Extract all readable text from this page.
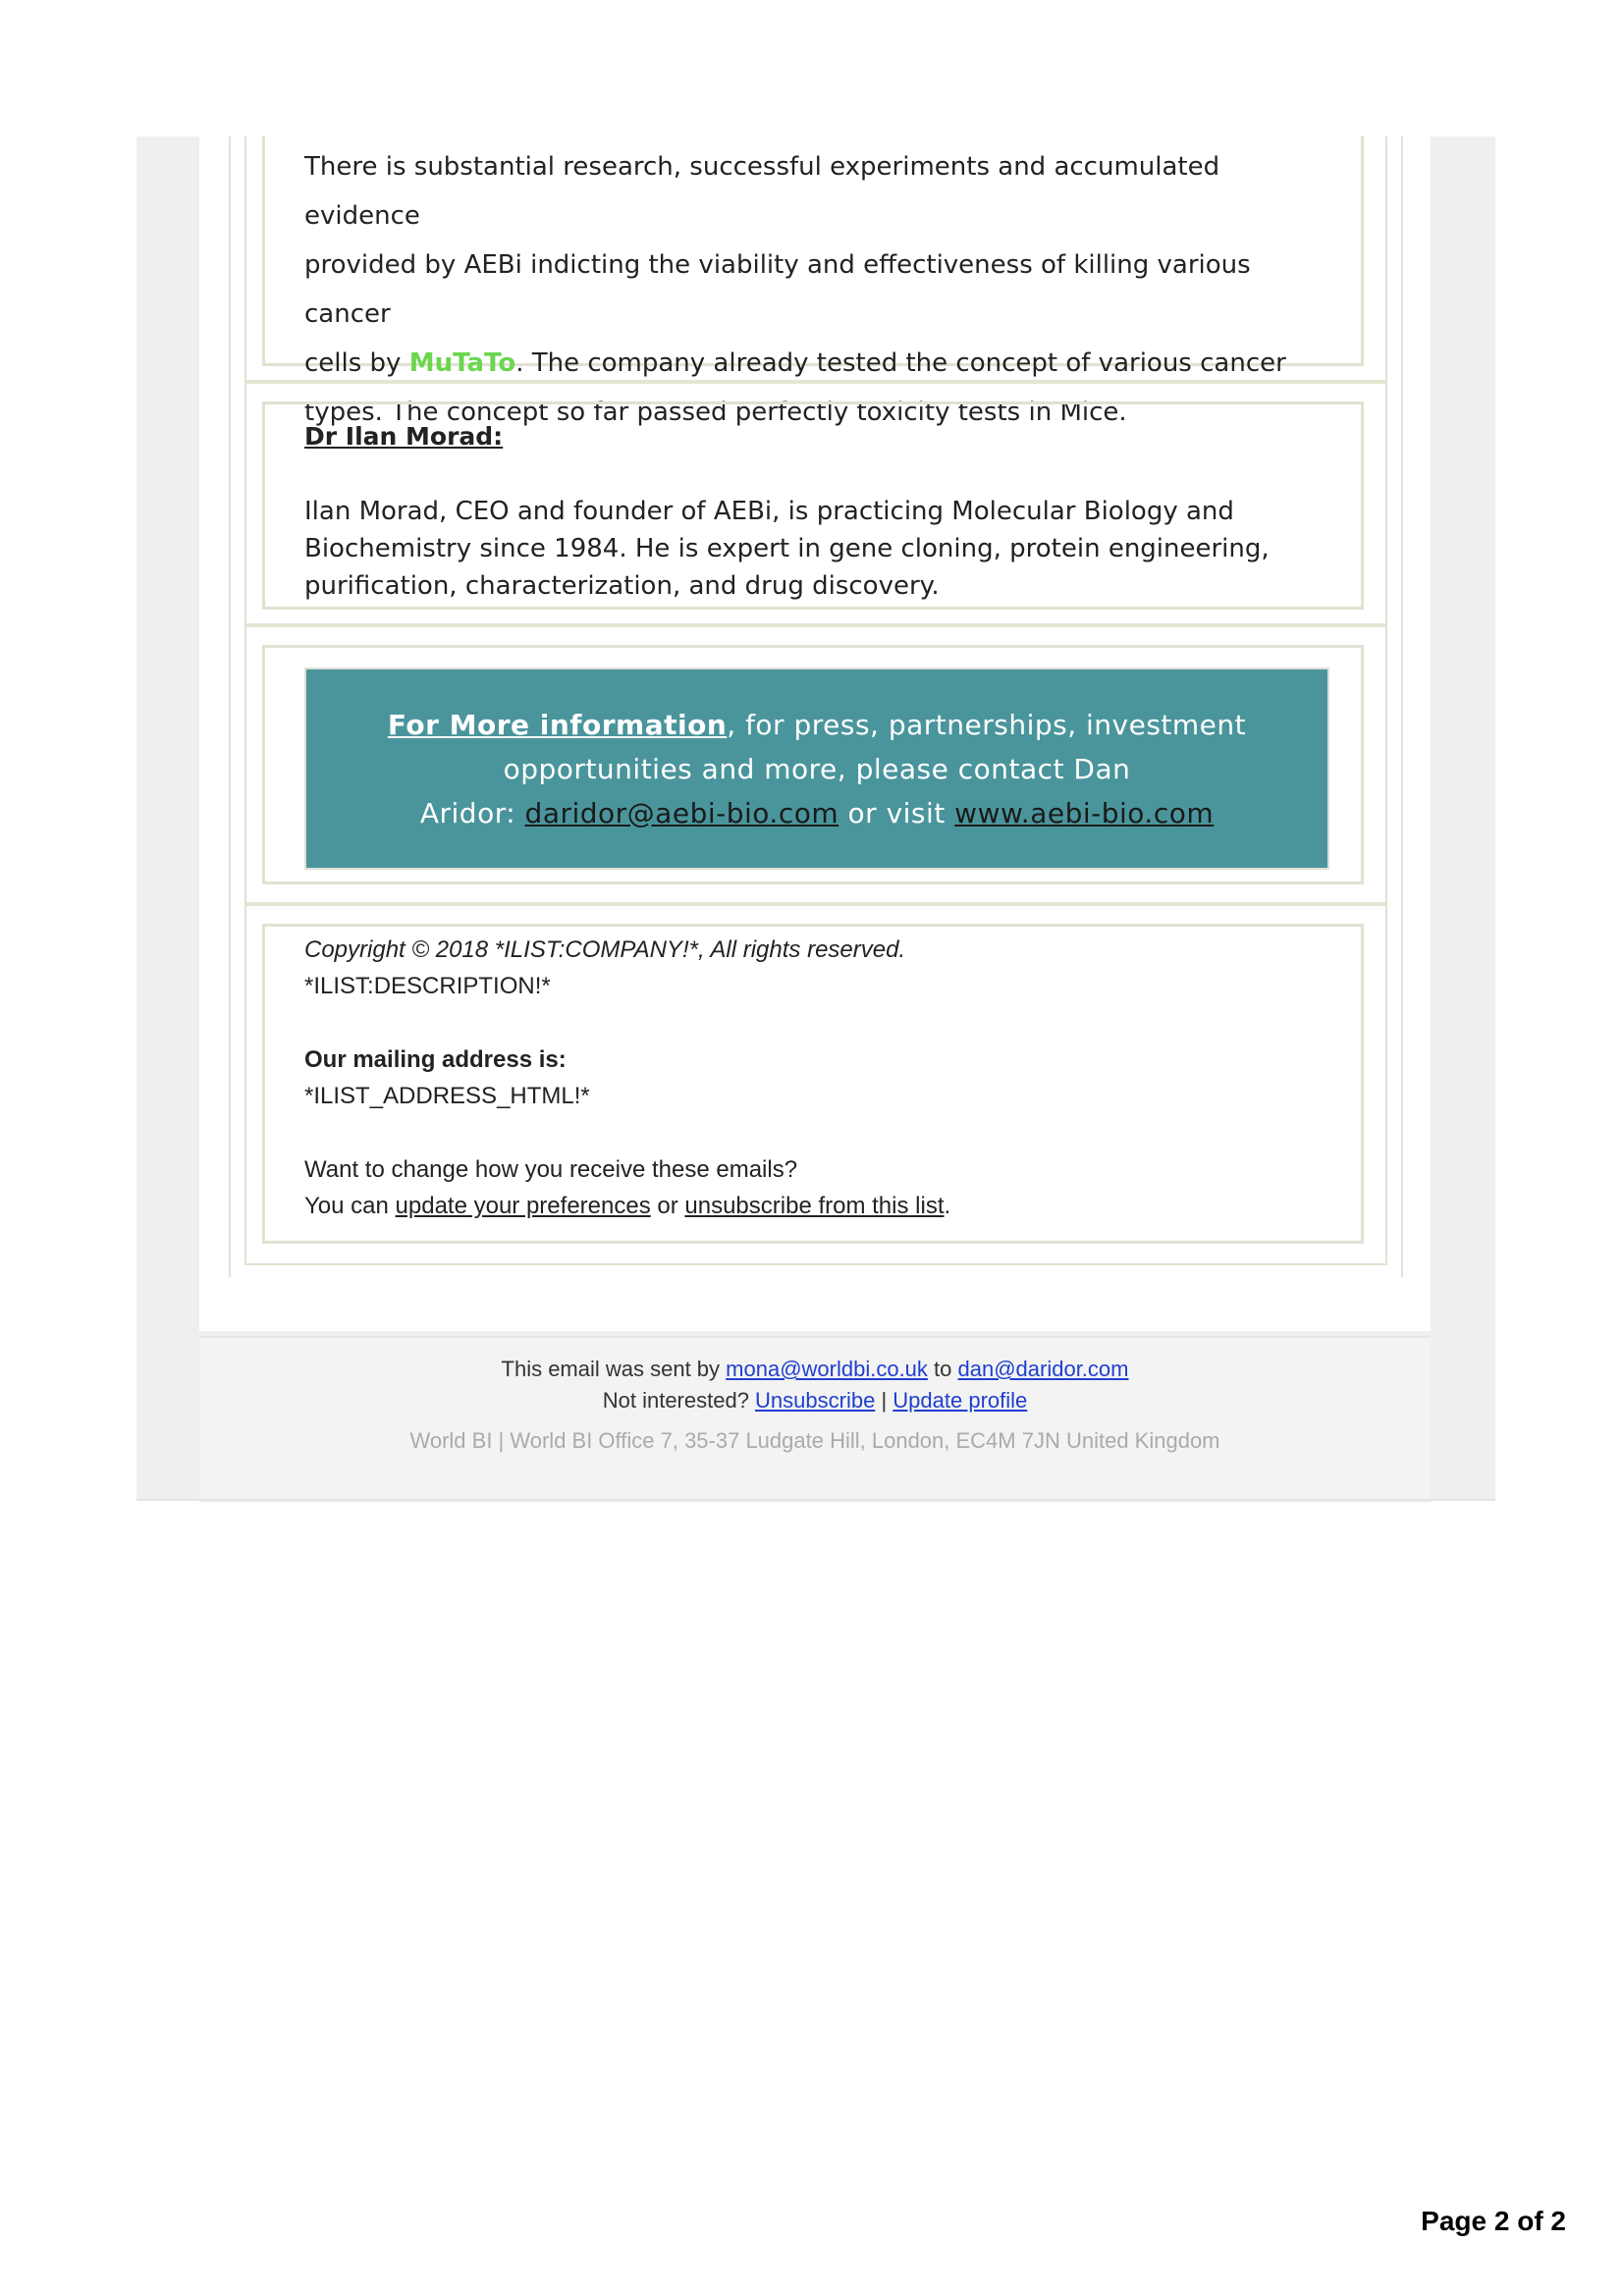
There is substantial research, successful experiments and accumulated evidence
provided by AEBi indicting the viability and effectiveness of killing various cancer
cells by MuTaTo. The company already tested the concept of various cancer
types. The concept so far passed perfectly toxicity tests in Mice.
Dr Ilan Morad:
Ilan Morad, CEO and founder of AEBi, is practicing Molecular Biology and
Biochemistry since 1984. He is expert in gene cloning, protein engineering,
purification, characterization, and drug discovery.
For More information, for press, partnerships, investment
opportunities and more, please contact Dan
Aridor: daridor@aebi-bio.com or visit www.aebi-bio.com
Copyright © 2018 *ILIST:COMPANY!*, All rights reserved.
*ILIST:DESCRIPTION!*
Our mailing address is:
*ILIST_ADDRESS_HTML!*
Want to change how you receive these emails?
You can update your preferences or unsubscribe from this list.
This email was sent by mona@worldbi.co.uk to dan@daridor.com
Not interested? Unsubscribe | Update profile
World BI | World BI Office 7, 35-37 Ludgate Hill, London, EC4M 7JN United Kingdom
Page 2 of 2
